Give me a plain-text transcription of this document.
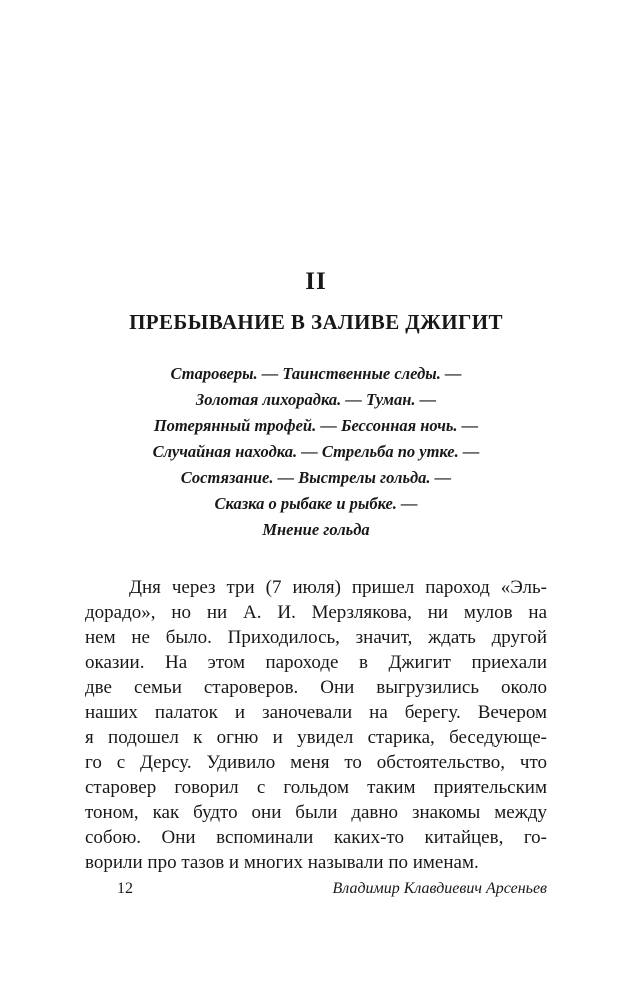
II
ПРЕБЫВАНИЕ В ЗАЛИВЕ ДЖИГИТ
Староверы. — Таинственные следы. —
Золотая лихорадка. — Туман. —
Потерянный трофей. — Бессонная ночь. —
Случайная находка. — Стрельба по утке. —
Состязание. — Выстрелы гольда. —
Сказка о рыбаке и рыбке. —
Мнение гольда
Дня через три (7 июля) пришел пароход «Эль-
дорадо», но ни А. И. Мерзлякова, ни мулов на
нем не было. Приходилось, значит, ждать другой
оказии. На этом пароходе в Джигит приехали
две семьи староверов. Они выгрузились около
наших палаток и заночевали на берегу. Вечером
я подошел к огню и увидел старика, беседующе-
го с Дерсу. Удивило меня то обстоятельство, что
старовер говорил с гольдом таким приятельским
тоном, как будто они были давно знакомы между
собою. Они вспоминали каких-то китайцев, го-
ворили про тазов и многих называли по именам.
12	Владимир Клавдиевич Арсеньев
